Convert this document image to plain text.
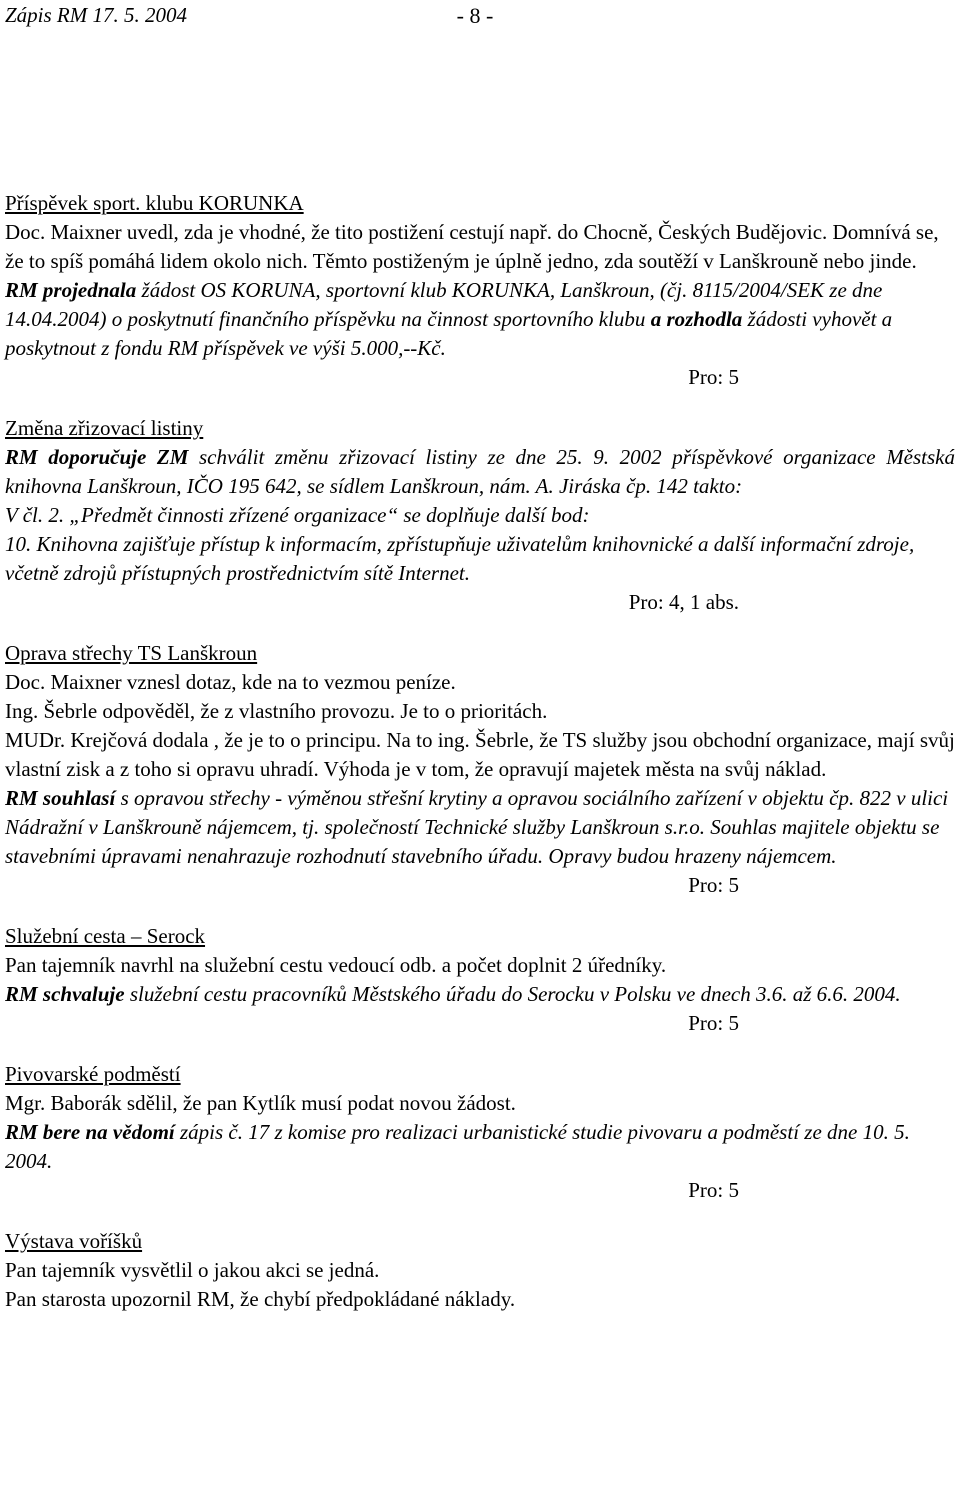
- 8 -
Zápis RM 17. 5. 2004

Příspěvek sport. klubu KORUNKA

Doc. Maixner uvedl, zda je vhodné, že tito postižení cestují např. do Chocně, Českých Budějovic. Domnívá se, že to spíš pomáhá lidem okolo nich. Těmto postiženým je úplně jedno, zda soutěží v Lanškrouně nebo jinde.

RM projednala žádost OS KORUNA, sportovní klub KORUNKA, Lanškroun, (čj. 8115/2004/SEK ze dne 14.04.2004) o poskytnutí finančního příspěvku na činnost sportovního klubu a rozhodla žádosti vyhovět a poskytnout z fondu RM příspěvek ve výši 5.000,--Kč.

Pro: 5

Změna zřizovací listiny

RM doporučuje ZM schválit změnu zřizovací listiny ze dne 25. 9. 2002 příspěvkové organizace Městská knihovna Lanškroun, IČO 195 642, se sídlem Lanškroun, nám. A. Jiráska čp. 142 takto:

V čl. 2. „Předmět činnosti zřízené organizace“ se doplňuje další bod:

10. Knihovna zajišťuje přístup k informacím, zpřístupňuje uživatelům knihovnické a další informační zdroje, včetně zdrojů přístupných prostřednictvím sítě Internet.

Pro: 4, 1 abs.

Oprava střechy TS Lanškroun

Doc. Maixner vznesl dotaz, kde na to vezmou peníze.

Ing. Šebrle odpověděl, že z vlastního provozu. Je to o prioritách.

MUDr. Krejčová dodala , že je to o principu. Na to ing. Šebrle, že TS služby jsou obchodní organizace, mají svůj vlastní zisk a z toho si opravu uhradí. Výhoda je v tom, že opravují majetek města na svůj náklad.

RM souhlasí s opravou střechy - výměnou střešní krytiny a opravou sociálního zařízení v objektu čp. 822 v ulici Nádražní v Lanškrouně nájemcem, tj. společností Technické služby Lanškroun s.r.o. Souhlas majitele objektu se stavebními úpravami nenahrazuje rozhodnutí stavebního úřadu. Opravy budou hrazeny nájemcem.

Pro: 5

Služební cesta – Serock

Pan tajemník navrhl na služební cestu vedoucí odb. a počet doplnit 2 úředníky.

RM schvaluje služební cestu pracovníků Městského úřadu do Serocku v Polsku ve dnech 3.6. až 6.6. 2004.

Pro: 5

Pivovarské podměstí

Mgr. Baborák sdělil, že pan Kytlík musí podat novou žádost.

RM bere na vědomí zápis č. 17 z komise pro realizaci urbanistické studie pivovaru a podměstí ze dne 10. 5. 2004.

Pro: 5

Výstava voříšků

Pan tajemník vysvětlil o jakou akci se jedná.

Pan starosta upozornil RM, že chybí předpokládané náklady.
